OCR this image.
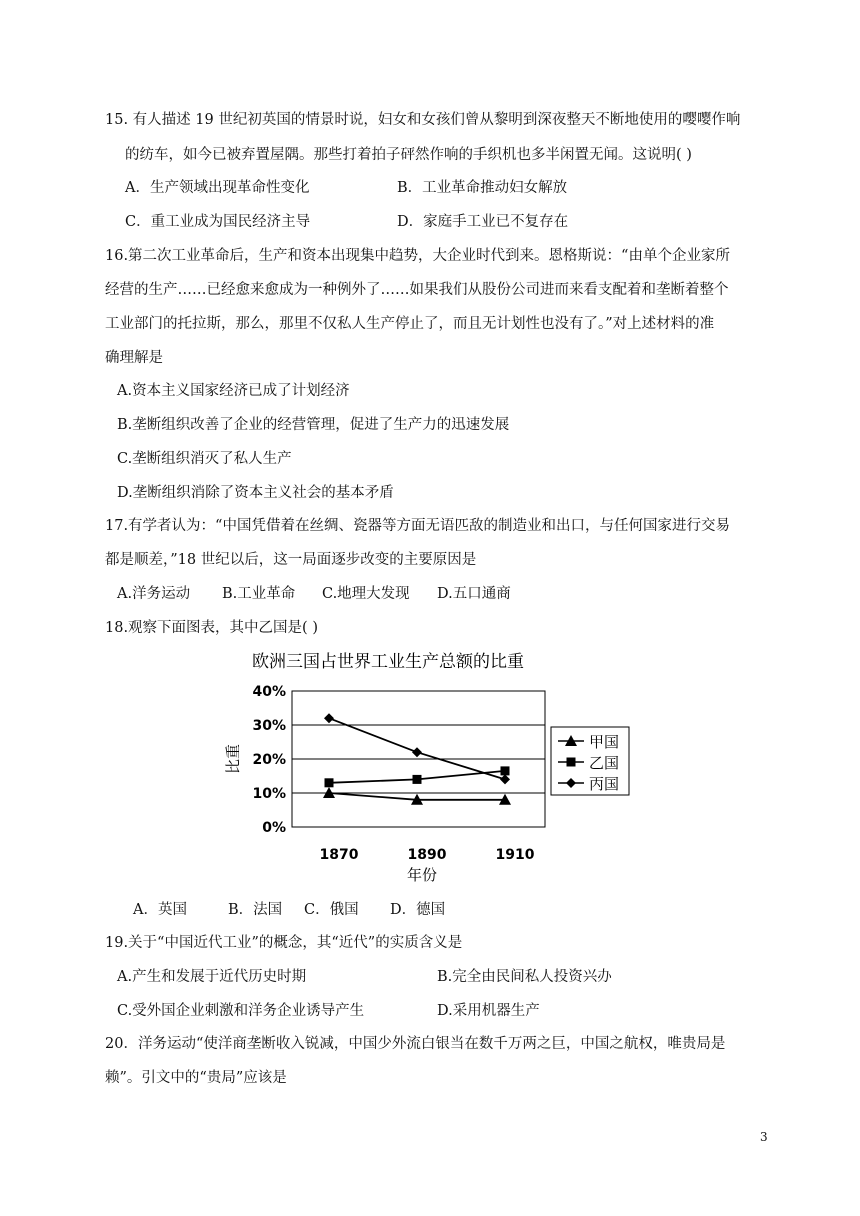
15. 有人描述 19 世纪初英国的情景时说，妇女和女孩们曾从黎明到深夜整天不断地使用的嘤嘤作响
的纺车，如今已被弃置屋隅。那些打着拍子砰然作响的手织机也多半闲置无闻。这说明( )
A．生产领域出现革命性变化	B．工业革命推动妇女解放
C．重工业成为国民经济主导	D．家庭手工业已不复存在
16.第二次工业革命后，生产和资本出现集中趋势，大企业时代到来。恩格斯说：“由单个企业家所
经营的生产……已经愈来愈成为一种例外了……如果我们从股份公司进而来看支配着和垄断着整个
工业部门的托拉斯，那么，那里不仅私人生产停止了，而且无计划性也没有了。”对上述材料的准
确理解是
A.资本主义国家经济已成了计划经济
B.垄断组织改善了企业的经营管理，促进了生产力的迅速发展
C.垄断组织消灭了私人生产
D.垄断组织消除了资本主义社会的基本矛盾
17.有学者认为：“中国凭借着在丝绸、瓷器等方面无语匹敌的制造业和出口，与任何国家进行交易
都是顺差，”18 世纪以后，这一局面逐步改变的主要原因是
A.洋务运动 B.工业革命 C.地理大发现 D.五口通商
18.观察下面图表，其中乙国是( )
欧洲三国占世界工业生产总额的比重
0%
10%
20%
30%
40%
1870	1890	1910
比重
年份
甲国
乙国
丙国
A．英国	B．法国 C．俄国 D．德国
19.关于“中国近代工业”的概念，其“近代”的实质含义是
A.产生和发展于近代历史时期	B.完全由民间私人投资兴办
C.受外国企业刺激和洋务企业诱导产生	D.采用机器生产
20．洋务运动“使洋商垄断收入锐减，中国少外流白银当在数千万两之巨，中国之航权，唯贵局是
赖”。引文中的“贵局”应该是
3
